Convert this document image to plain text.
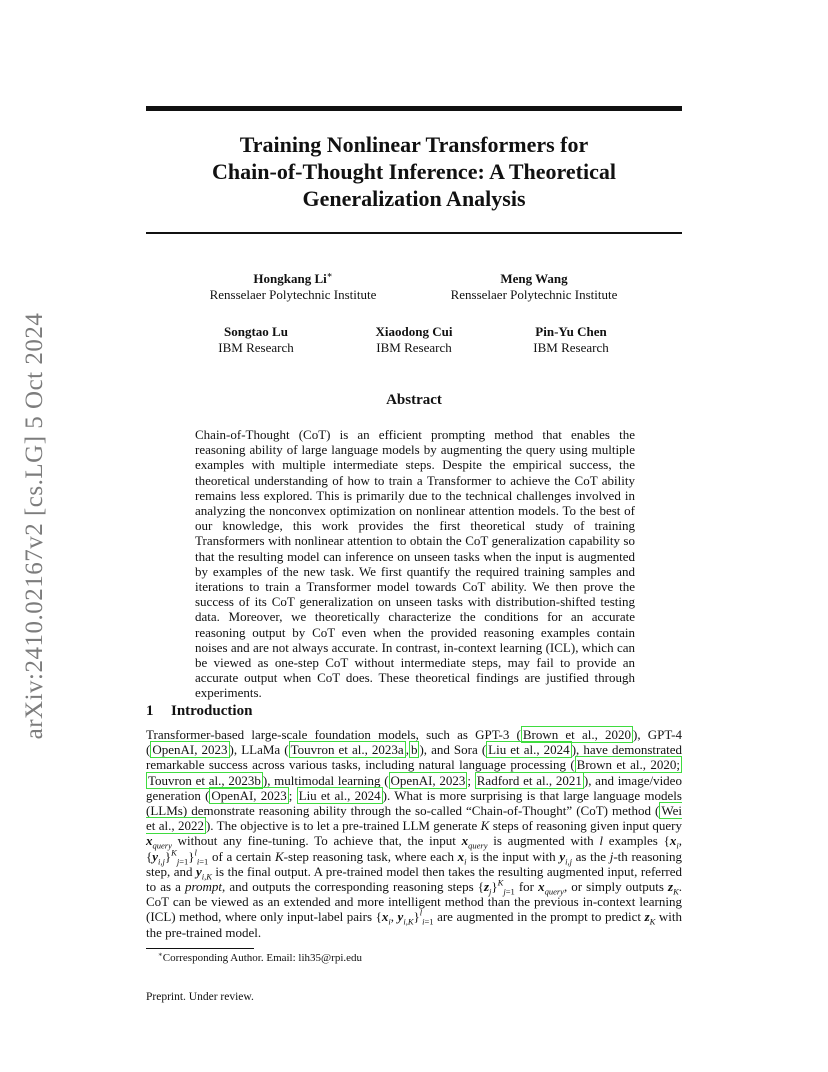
arXiv:2410.02167v2 [cs.LG] 5 Oct 2024
Training Nonlinear Transformers for
Chain-of-Thought Inference: A Theoretical
Generalization Analysis
Hongkang Li∗
Rensselaer Polytechnic Institute
Meng Wang
Rensselaer Polytechnic Institute
Songtao Lu
IBM Research
Xiaodong Cui
IBM Research
Pin-Yu Chen
IBM Research
Abstract
Chain-of-Thought (CoT) is an efficient prompting method that enables the reasoning ability of large language models by augmenting the query using multiple examples with multiple intermediate steps. Despite the empirical success, the theoretical understanding of how to train a Transformer to achieve the CoT ability remains less explored. This is primarily due to the technical challenges involved in analyzing the nonconvex optimization on nonlinear attention models. To the best of our knowledge, this work provides the first theoretical study of training Transformers with nonlinear attention to obtain the CoT generalization capability so that the resulting model can inference on unseen tasks when the input is augmented by examples of the new task. We first quantify the required training samples and iterations to train a Transformer model towards CoT ability. We then prove the success of its CoT generalization on unseen tasks with distribution-shifted testing data. Moreover, we theoretically characterize the conditions for an accurate reasoning output by CoT even when the provided reasoning examples contain noises and are not always accurate. In contrast, in-context learning (ICL), which can be viewed as one-step CoT without intermediate steps, may fail to provide an accurate output when CoT does. These theoretical findings are justified through experiments.
1 Introduction
Transformer-based large-scale foundation models, such as GPT-3 ( Brown et al., 2020 ), GPT-4 ( OpenAI, 2023 ), LLaMa ( Touvron et al., 2023a , b ), and Sora ( Liu et al., 2024 ), have demonstrated remarkable success across various tasks, including natural language processing ( Brown et al., 2020; Touvron et al., 2023b ), multimodal learning ( OpenAI, 2023 ; Radford et al., 2021 ), and image/video generation ( OpenAI, 2023 ; Liu et al., 2024 ). What is more surprising is that large language models (LLMs) demonstrate reasoning ability through the so-called “Chain-of-Thought” (CoT) method ( Wei et al., 2022 ). The objective is to let a pre-trained LLM generate K steps of reasoning given input query $x_{query}$ without any fine-tuning. To achieve that, the input $x_{query}$ is augmented with l examples {$x_i$, $\{y_{i,j}\}^K_{j=1}\}^l_{i=1}$ of a certain K-step reasoning task, where each $x_i$ is the input with $y_{i,j}$ as the j-th reasoning step, and $y_{i,K}$ is the final output. A pre-trained model then takes the resulting augmented input, referred to as a prompt, and outputs the corresponding reasoning steps $\{z_j\}^K_{j=1}$ for $x_{query}$, or simply outputs $z_K$. CoT can be viewed as an extended and more intelligent method than the previous in-context learning (ICL) method, where only input-label pairs {$x_i$, $y_{i,K}\}^l_{i=1}$ are augmented in the prompt to predict $z_K$ with the pre-trained model.
∗Corresponding Author. Email: lih35@rpi.edu
Preprint. Under review.
